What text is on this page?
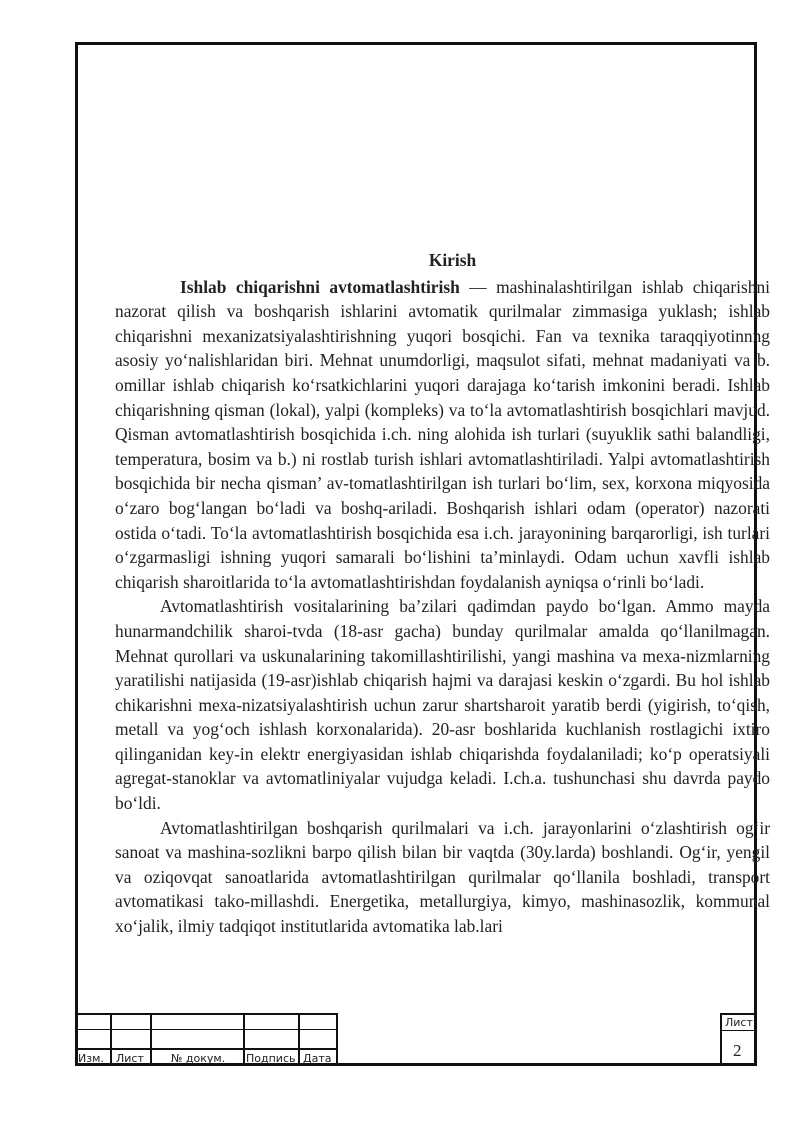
Kirish

Ishlab chiqarishni avtomatlashtirish — mashinalashtirilgan ishlab chiqarishni nazorat qilish va boshqarish ishlarini avtomatik qurilmalar zimmasiga yuklash; ishlab chiqarishni mexanizatsiyalashtirishning yuqori bosqichi. Fan va texnika taraqqiyotinnng asosiy yoʻnalishlaridan biri. Mehnat unumdorligi, maqsulot sifati, mehnat madaniyati va b. omillar ishlab chiqarish koʻrsatkichlarini yuqori darajaga koʻtarish imkonini beradi. Ishlab chiqarishning qisman (lokal), yalpi (kompleks) va toʻla avtomatlashtirish bosqichlari mavjud. Qisman avtomatlashtirish bosqichida i.ch. ning alohida ish turlari (suyuklik sathi balandligi, temperatura, bosim va b.) ni rostlab turish ishlari avtomatlashtiriladi. Yalpi avtomatlashtirish bosqichida bir necha qisman’ av-tomatlashtirilgan ish turlari boʻlim, sex, korxona miqyosida oʻzaro bogʻlangan boʻladi va boshq-ariladi. Boshqarish ishlari odam (operator) nazorati ostida oʻtadi. Toʻla avtomatlashtirish bosqichida esa i.ch. jarayonining barqarorligi, ish turlari oʻzgarmasligi ishning yuqori samarali boʻlishini ta’minlaydi. Odam uchun xavfli ishlab chiqarish sharoitlarida toʻla avtomatlashtirishdan foydalanish ayniqsa oʻrinli boʻladi.

Avtomatlashtirish vositalarining ba’zilari qadimdan paydo boʻlgan. Ammo mayda hunarmandchilik sharoi-tvda (18-asr gacha) bunday qurilmalar amalda qoʻllanilmagan. Mehnat qurollari va uskunalarining takomillashtirilishi, yangi mashina va mexa-nizmlarning yaratilishi natijasida (19-asr)ishlab chiqarish hajmi va darajasi keskin oʻzgardi. Bu hol ishlab chikarishni mexa-nizatsiyalashtirish uchun zarur shartsharoit yaratib berdi (yigirish, toʻqish, metall va yogʻoch ishlash korxonalarida). 20-asr boshlarida kuchlanish rostlagichi ixtiro qilinganidan key-in elektr energiyasidan ishlab chiqarishda foydalaniladi; koʻp operatsiyali agregat-stanoklar va avtomatliniyalar vujudga keladi. I.ch.a. tushunchasi shu davrda paydo boʻldi.

Avtomatlashtirilgan boshqarish qurilmalari va i.ch. jarayonlarini oʻzlashtirish ogʻir sanoat va mashina-sozlikni barpo qilish bilan bir vaqtda (30y.larda) boshlandi. Ogʻir, yengil va oziqovqat sanoatlarida avtomatlashtirilgan qurilmalar qoʻllanila boshladi, transport avtomatikasi tako-millashdi. Energetika, metallurgiya, kimyo, mashinasozlik, kommunal xoʻjalik, ilmiy tadqiqot institutlarida avtomatika lab.lari

Изм. Лист № докум. Подпись Дата
Лист
2
